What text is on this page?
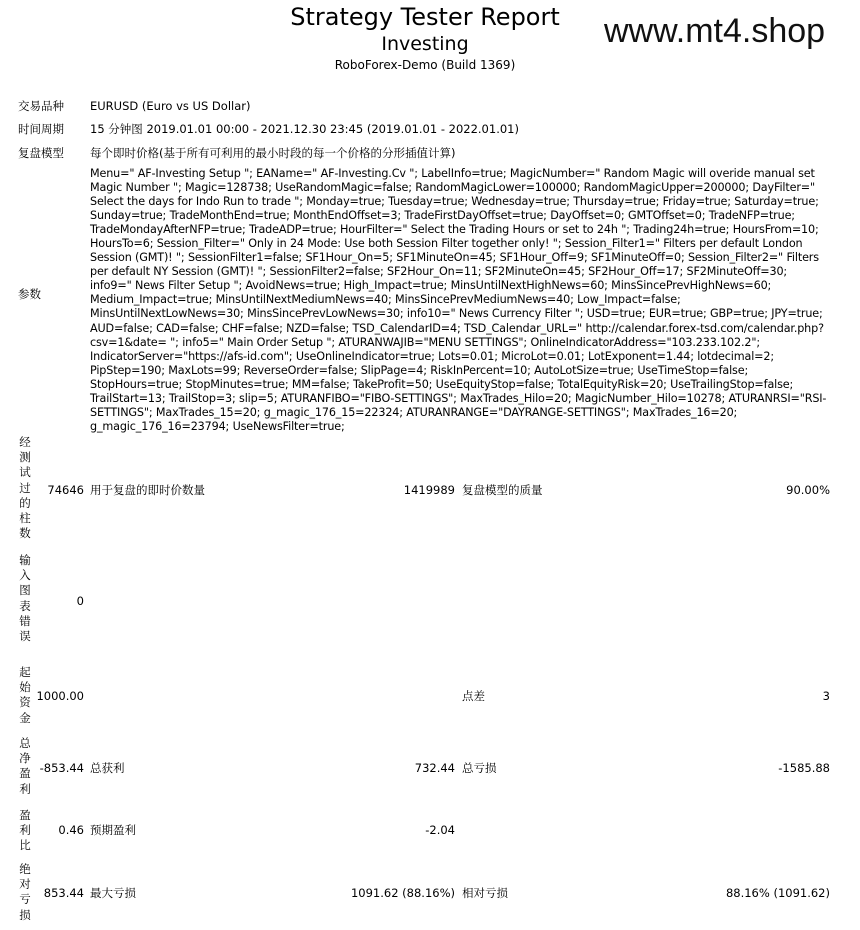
Strategy Tester Report
Investing
RoboForex-Demo (Build 1369)
www.mt4.shop
交易品种 EURUSD (Euro vs US Dollar)
时间周期 15 分钟图 2019.01.01 00:00 - 2021.12.30 23:45 (2019.01.01 - 2022.01.01)
复盘模型 每个即时价格(基于所有可利用的最小时段的每一个价格的分形插值计算)
参数
Menu=" AF-Investing Setup "; EAName=" AF-Investing.Cv "; LabelInfo=true; MagicNumber=" Random Magic will overide manual set Magic Number "; Magic=128738; UseRandomMagic=false; RandomMagicLower=100000; RandomMagicUpper=200000; DayFilter=" Select the days for Indo Run to trade "; Monday=true; Tuesday=true; Wednesday=true; Thursday=true; Friday=true; Saturday=true; Sunday=true; TradeMonthEnd=true; MonthEndOffset=3; TradeFirstDayOffset=true; DayOffset=0; GMTOffset=0; TradeNFP=true; TradeMondayAfterNFP=true; TradeADP=true; HourFilter=" Select the Trading Hours or set to 24h "; Trading24h=true; HoursFrom=10; HoursTo=6; Session_Filter=" Only in 24 Mode: Use both Session Filter together only! "; Session_Filter1=" Filters per default London Session (GMT)! "; SessionFilter1=false; SF1Hour_On=5; SF1MinuteOn=45; SF1Hour_Off=9; SF1MinuteOff=0; Session_Filter2=" Filters per default NY Session (GMT)! "; SessionFilter2=false; SF2Hour_On=11; SF2MinuteOn=45; SF2Hour_Off=17; SF2MinuteOff=30; info9=" News Filter Setup "; AvoidNews=true; High_Impact=true; MinsUntilNextHighNews=60; MinsSincePrevHighNews=60; Medium_Impact=true; MinsUntilNextMediumNews=40; MinsSincePrevMediumNews=40; Low_Impact=false; MinsUntilNextLowNews=30; MinsSincePrevLowNews=30; info10=" News Currency Filter "; USD=true; EUR=true; GBP=true; JPY=true; AUD=false; CAD=false; CHF=false; NZD=false; TSD_CalendarID=4; TSD_Calendar_URL=" http://calendar.forex-tsd.com/calendar.php?csv=1&date= "; info5=" Main Order Setup "; ATURANWAJIB="MENU SETTINGS"; OnlineIndicatorAddress="103.233.102.2"; IndicatorServer="https://afs-id.com"; UseOnlineIndicator=true; Lots=0.01; MicroLot=0.01; LotExponent=1.44; lotdecimal=2; PipStep=190; MaxLots=99; ReverseOrder=false; SlipPage=4; RiskInPercent=10; AutoLotSize=true; UseTimeStop=false; StopHours=true; StopMinutes=true; MM=false; TakeProfit=50; UseEquityStop=false; TotalEquityRisk=20; UseTrailingStop=false; TrailStart=13; TrailStop=3; slip=5; ATURANFIBO="FIBO-SETTINGS"; MaxTrades_Hilo=20; MagicNumber_Hilo=10278; ATURANRSI="RSI-SETTINGS"; MaxTrades_15=20; g_magic_176_15=22324; ATURANRANGE="DAYRANGE-SETTINGS"; MaxTrades_16=20; g_magic_176_16=23794; UseNewsFilter=true;
经
测
试
过
的
柱
数
74646 用于复盘的即时价数量	1419989 复盘模型的质量	90.00%
输
入
图
表
错
误
0
起
始
资
金
1000.00	点差	3
总
净
盈
利
-853.44 总获利	732.44 总亏损	-1585.88
盈
利
比
0.46 预期盈利	-2.04
绝
对
亏
损
853.44 最大亏损	1091.62 (88.16%) 相对亏损	88.16% (1091.62)
